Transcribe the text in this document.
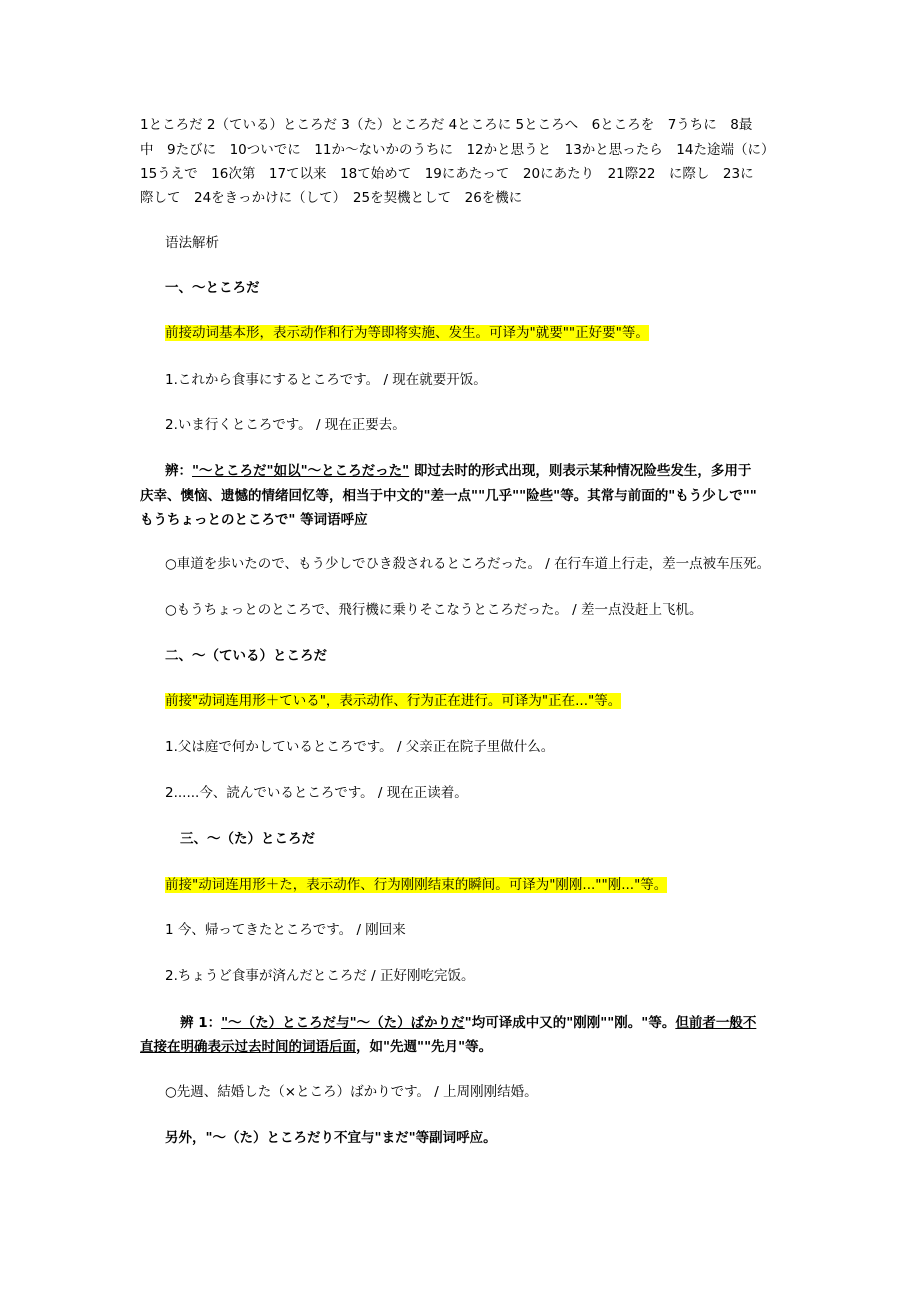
1ところだ 2（ている）ところだ 3（た）ところだ 4ところに 5ところへ　6ところを　7うちに　8最
中　9たびに　10ついでに　11か～ないかのうちに　12かと思うと　13かと思ったら　14た途端（に）
15うえで　16次第　17て以来　18て始めて　19にあたって　20にあたり　21際22　に際し　23に
際して　24をきっかけに（して）　25を契機として　26を機に
语法解析
一、～ところだ
前接动词基本形，表示动作和行为等即将实施、发生。可译为"就要""正好要"等。
1.これから食事にするところです。 / 现在就要开饭。
2.いま行くところです。 / 现在正要去。
辨："～ところだ"如以"～ところだった" 即过去时的形式出现，则表示某种情况险些发生，多用于
庆幸、懊恼、遗憾的情绪回忆等，相当于中文的"差一点""几乎""险些"等。其常与前面的"もう少しで""
もうちょっとのところで" 等词语呼应
○車道を歩いたので、もう少しでひき殺されるところだった。 / 在行车道上行走，差一点被车压死。
○もうちょっとのところで、飛行機に乗りそこなうところだった。 / 差一点没赶上飞机。
二、～（ている）ところだ
前接"动词连用形＋ている"，表示动作、行为正在进行。可译为"正在..."等。
1.父は庭で何かしているところです。 / 父亲正在院子里做什么。
2......今、読んでいるところです。 / 现在正读着。
三、～（た）ところだ
前接"动词连用形＋た，表示动作、行为刚刚结束的瞬间。可译为"刚刚...""刚..."等。
1 今、帰ってきたところです。 / 刚回来
2.ちょうど食事が済んだところだ / 正好刚吃完饭。
辨 1："～（た）ところだ与"～（た）ばかりだ"均可译成中又的"刚刚""刚。"等。但前者一般不
直接在明确表示过去时间的词语后面，如"先週""先月"等。
○先週、結婚した（×ところ）ばかりです。 / 上周刚刚结婚。
另外，"～（た）ところだり不宜与"まだ"等副词呼应。
